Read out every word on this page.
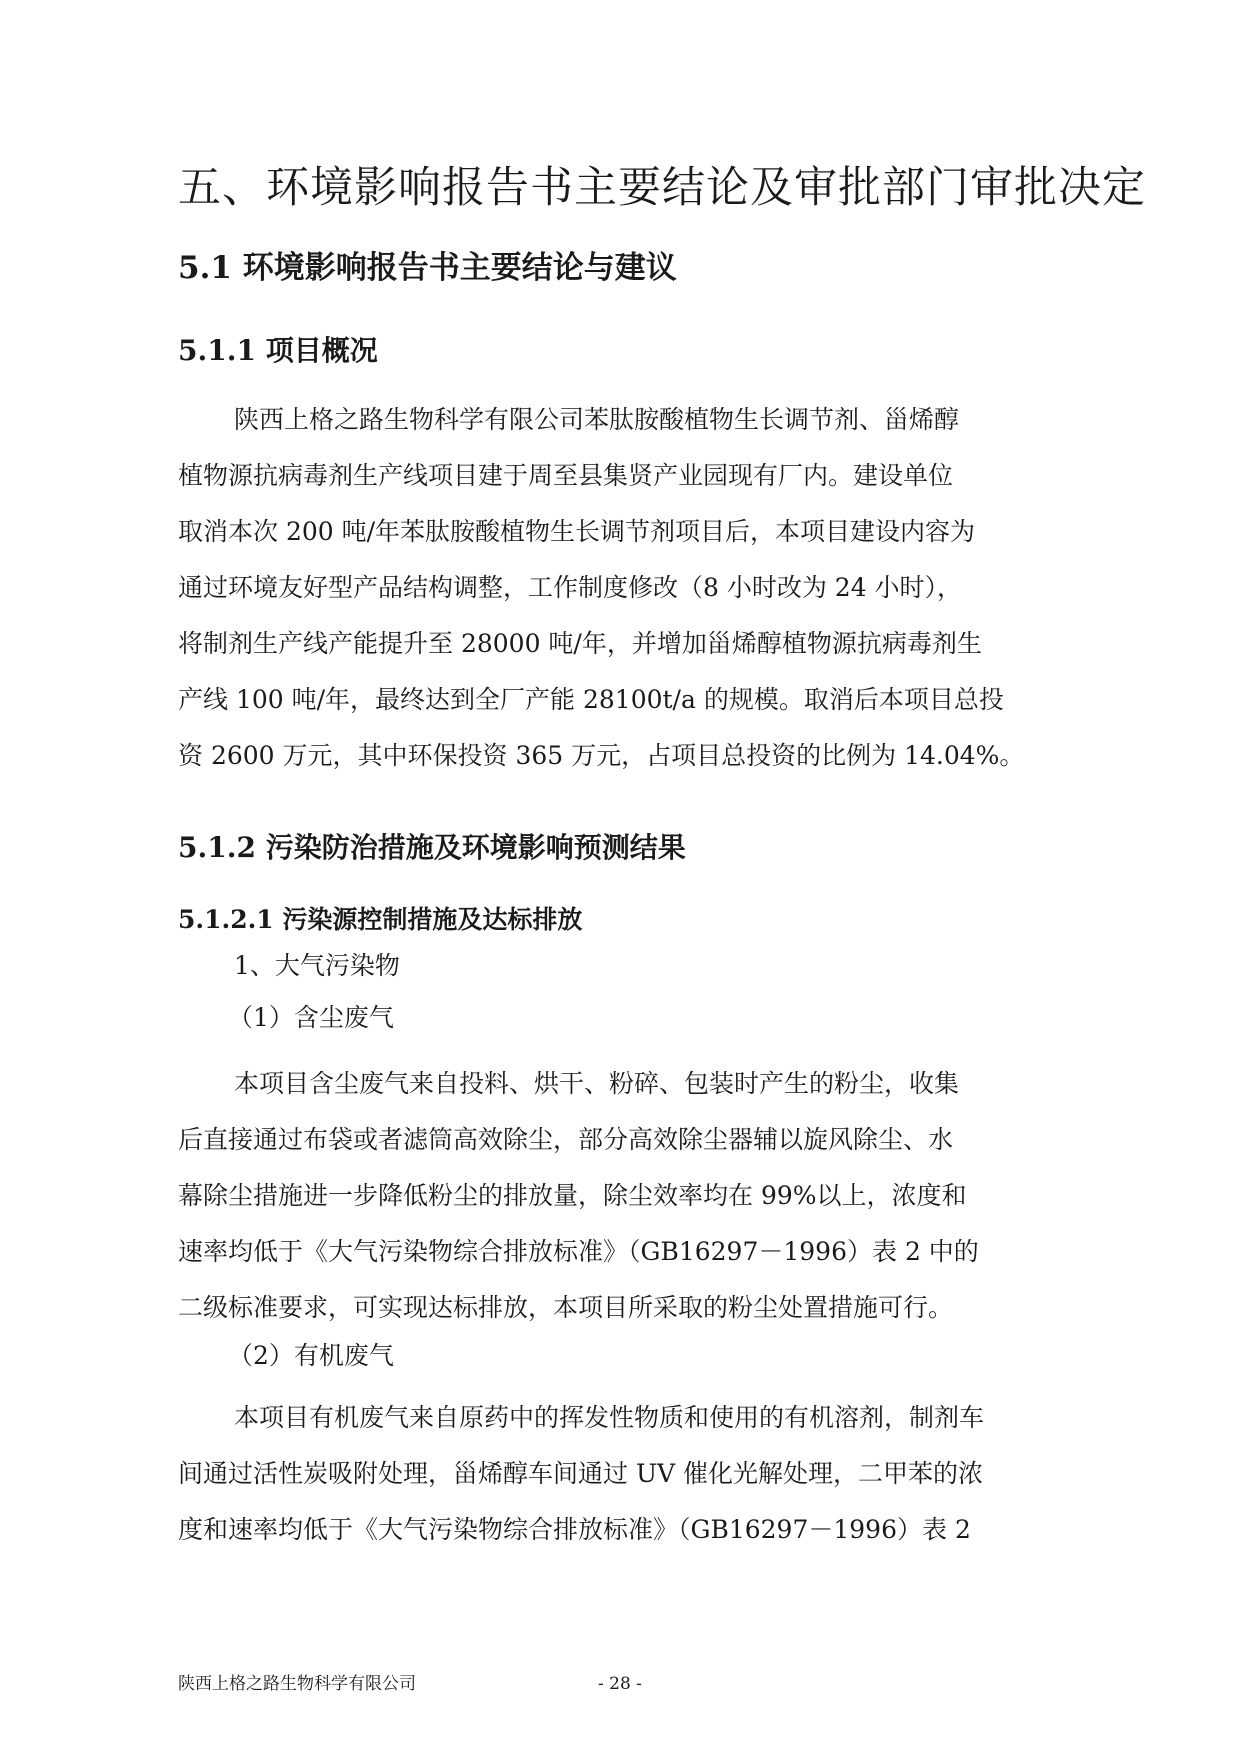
五、环境影响报告书主要结论及审批部门审批决定
5.1 环境影响报告书主要结论与建议
5.1.1 项目概况
陕西上格之路生物科学有限公司苯肽胺酸植物生长调节剂、甾烯醇
植物源抗病毒剂生产线项目建于周至县集贤产业园现有厂内。建设单位
取消本次 200 吨/年苯肽胺酸植物生长调节剂项目后，本项目建设内容为
通过环境友好型产品结构调整，工作制度修改（8 小时改为 24 小时），
将制剂生产线产能提升至 28000 吨/年，并增加甾烯醇植物源抗病毒剂生
产线 100 吨/年，最终达到全厂产能 28100t/a 的规模。取消后本项目总投
资 2600 万元，其中环保投资 365 万元，占项目总投资的比例为 14.04%。
5.1.2 污染防治措施及环境影响预测结果
5.1.2.1 污染源控制措施及达标排放
1、大气污染物
（1）含尘废气
本项目含尘废气来自投料、烘干、粉碎、包装时产生的粉尘，收集
后直接通过布袋或者滤筒高效除尘，部分高效除尘器辅以旋风除尘、水
幕除尘措施进一步降低粉尘的排放量，除尘效率均在 99%以上，浓度和
速率均低于《大气污染物综合排放标准》（GB16297－1996）表 2 中的
二级标准要求，可实现达标排放，本项目所采取的粉尘处置措施可行。
（2）有机废气
本项目有机废气来自原药中的挥发性物质和使用的有机溶剂，制剂车
间通过活性炭吸附处理，甾烯醇车间通过 UV 催化光解处理，二甲苯的浓
度和速率均低于《大气污染物综合排放标准》（GB16297－1996）表 2
陕西上格之路生物科学有限公司	- 28 -
